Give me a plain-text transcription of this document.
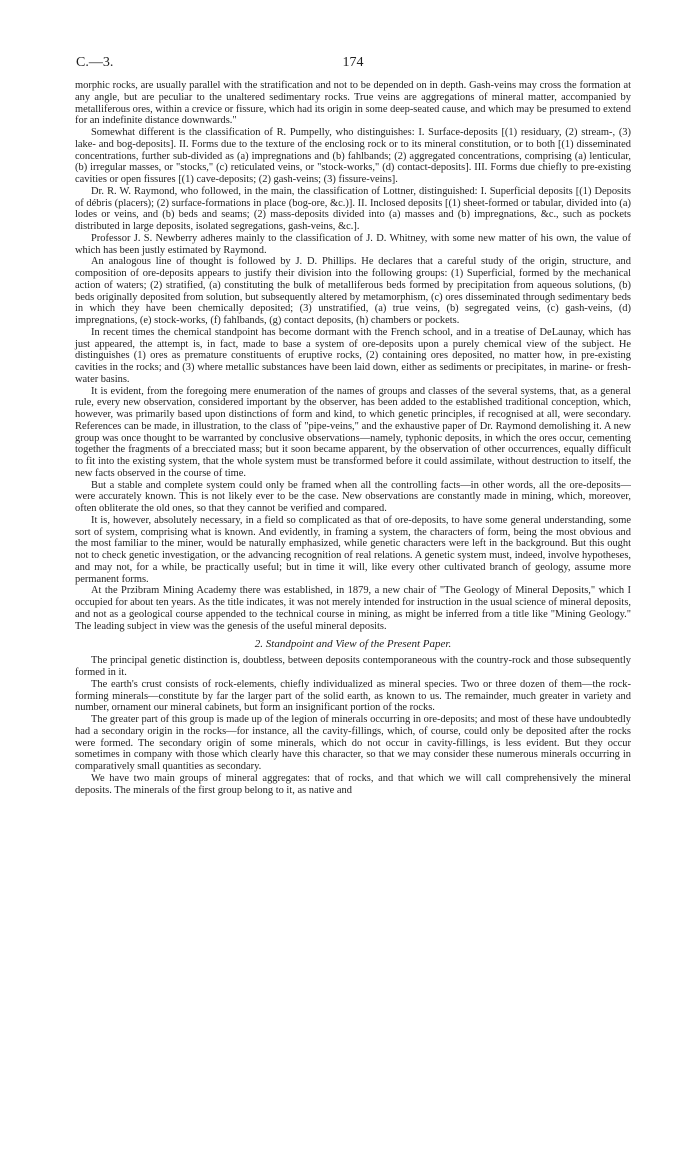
C.—3.	174

morphic rocks, are usually parallel with the stratification and not to be depended on in depth. Gash-veins may cross the formation at any angle, but are peculiar to the unaltered sedimentary rocks. True veins are aggregations of mineral matter, accompanied by metalliferous ores, within a crevice or fissure, which had its origin in some deep-seated cause, and which may be presumed to extend for an indefinite distance downwards."

Somewhat different is the classification of R. Pumpelly, who distinguishes: I. Surface-deposits [(1) residuary, (2) stream-, (3) lake- and bog-deposits]. II. Forms due to the texture of the enclosing rock or to its mineral constitution, or to both [(1) disseminated concentrations, further sub-divided as (a) impregnations and (b) fahlbands; (2) aggregated concentrations, comprising (a) lenticular, (b) irregular masses, or "stocks," (c) reticulated veins, or "stock-works," (d) contact-deposits]. III. Forms due chiefly to pre-existing cavities or open fissures [(1) cave-deposits; (2) gash-veins; (3) fissure-veins].

Dr. R. W. Raymond, who followed, in the main, the classification of Lottner, distinguished: I. Superficial deposits [(1) Deposits of débris (placers); (2) surface-formations in place (bog-ore, &c.)]. II. Inclosed deposits [(1) sheet-formed or tabular, divided into (a) lodes or veins, and (b) beds and seams; (2) mass-deposits divided into (a) masses and (b) impregnations, &c., such as pockets distributed in large deposits, isolated segregations, gash-veins, &c.].

Professor J. S. Newberry adheres mainly to the classification of J. D. Whitney, with some new matter of his own, the value of which has been justly estimated by Raymond.

An analogous line of thought is followed by J. D. Phillips. He declares that a careful study of the origin, structure, and composition of ore-deposits appears to justify their division into the following groups: (1) Superficial, formed by the mechanical action of waters; (2) stratified, (a) constituting the bulk of metalliferous beds formed by precipitation from aqueous solutions, (b) beds originally deposited from solution, but subsequently altered by metamorphism, (c) ores disseminated through sedimentary beds in which they have been chemically deposited; (3) unstratified, (a) true veins, (b) segregated veins, (c) gash-veins, (d) impregnations, (e) stock-works, (f) fahlbands, (g) contact deposits, (h) chambers or pockets.

In recent times the chemical standpoint has become dormant with the French school, and in a treatise of DeLaunay, which has just appeared, the attempt is, in fact, made to base a system of ore-deposits upon a purely chemical view of the subject. He distinguishes (1) ores as premature constituents of eruptive rocks, (2) containing ores deposited, no matter how, in pre-existing cavities in the rocks; and (3) where metallic substances have been laid down, either as sediments or precipitates, in marine- or fresh-water basins.

It is evident, from the foregoing mere enumeration of the names of groups and classes of the several systems, that, as a general rule, every new observation, considered important by the observer, has been added to the established traditional conception, which, however, was primarily based upon distinctions of form and kind, to which genetic principles, if recognised at all, were secondary. References can be made, in illustration, to the class of "pipe-veins," and the exhaustive paper of Dr. Raymond demolishing it. A new group was once thought to be warranted by conclusive observations—namely, typhonic deposits, in which the ores occur, cementing together the fragments of a brecciated mass; but it soon became apparent, by the observation of other occurrences, equally difficult to fit into the existing system, that the whole system must be transformed before it could assimilate, without destruction to itself, the new facts observed in the course of time.

But a stable and complete system could only be framed when all the controlling facts—in other words, all the ore-deposits—were accurately known. This is not likely ever to be the case. New observations are constantly made in mining, which, moreover, often obliterate the old ones, so that they cannot be verified and compared.

It is, however, absolutely necessary, in a field so complicated as that of ore-deposits, to have some general understanding, some sort of system, comprising what is known. And evidently, in framing a system, the characters of form, being the most obvious and the most familiar to the miner, would be naturally emphasized, while genetic characters were left in the background. But this ought not to check genetic investigation, or the advancing recognition of real relations. A genetic system must, indeed, involve hypotheses, and may not, for a while, be practically useful; but in time it will, like every other cultivated branch of geology, assume more permanent forms.

At the Przibram Mining Academy there was established, in 1879, a new chair of "The Geology of Mineral Deposits," which I occupied for about ten years. As the title indicates, it was not merely intended for instruction in the usual science of mineral deposits, and not as a geological course appended to the technical course in mining, as might be inferred from a title like "Mining Geology." The leading subject in view was the genesis of the useful mineral deposits.

2. Standpoint and View of the Present Paper.

The principal genetic distinction is, doubtless, between deposits contemporaneous with the country-rock and those subsequently formed in it.

The earth's crust consists of rock-elements, chiefly individualized as mineral species. Two or three dozen of them—the rock-forming minerals—constitute by far the larger part of the solid earth, as known to us. The remainder, much greater in variety and number, ornament our mineral cabinets, but form an insignificant portion of the rocks.

The greater part of this group is made up of the legion of minerals occurring in ore-deposits; and most of these have undoubtedly had a secondary origin in the rocks—for instance, all the cavity-fillings, which, of course, could only be deposited after the rocks were formed. The secondary origin of some minerals, which do not occur in cavity-fillings, is less evident. But they occur sometimes in company with those which clearly have this character, so that we may consider these numerous minerals occurring in comparatively small quantities as secondary.

We have two main groups of mineral aggregates: that of rocks, and that which we will call comprehensively the mineral deposits. The minerals of the first group belong to it, as native and
